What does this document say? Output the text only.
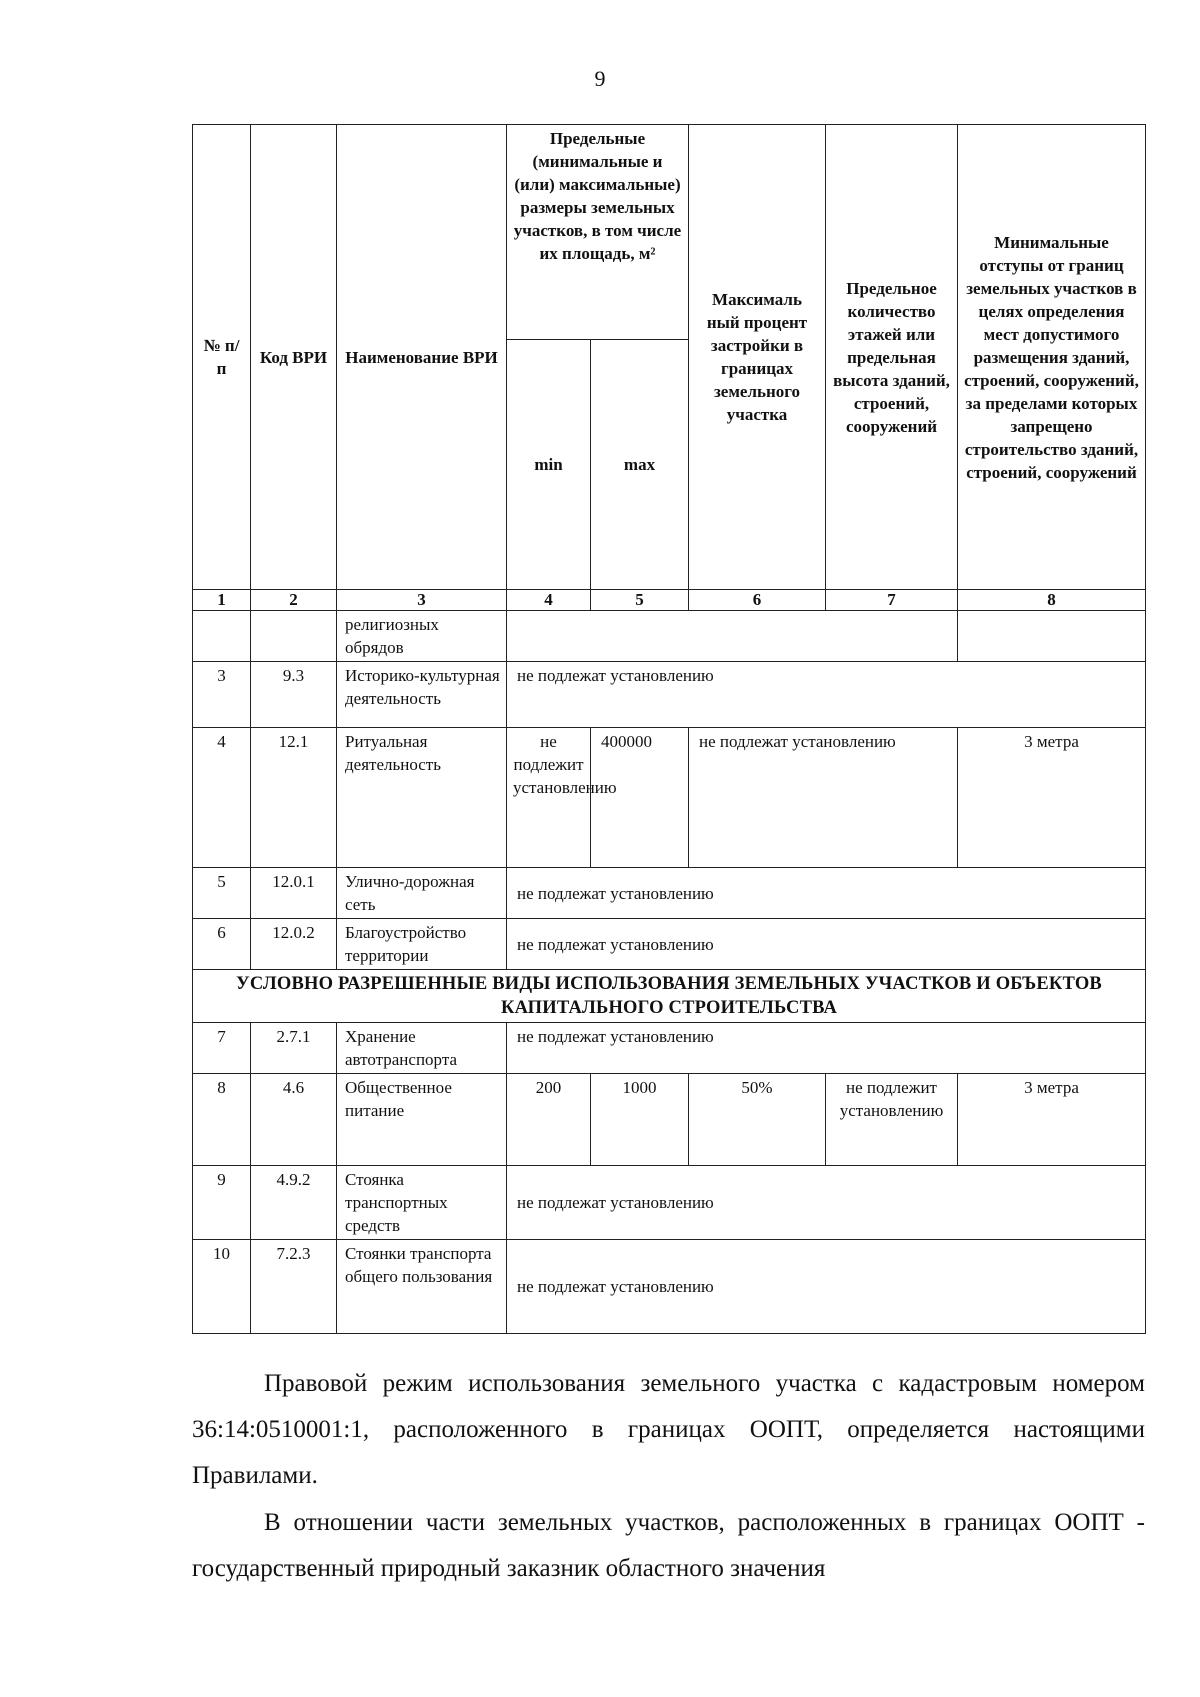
9
№ п/п	Код ВРИ	Наименование ВРИ	Предельные (минимальные и (или) максимальные) размеры земельных участков, в том числе их площадь, м²		Максималь ный процент застройки в границах земельного участка	Предельное количество этажей или предельная высота зданий, строений, сооружений	Минимальные отступы от границ земельных участков в целях определения мест допустимого размещения зданий, строений, сооружений, за пределами которых запрещено строительство зданий, строений, сооружений
			min	max			
1	2	3	4	5	6	7	8
		религиозных обрядов					
3	9.3	Историко-культурная деятельность	не подлежат установлению				
4	12.1	Ритуальная деятельность	не подлежит установлению	400000	не подлежат установлению		3 метра
5	12.0.1	Улично-дорожная сеть	не подлежат установлению				
6	12.0.2	Благоустройство территории	не подлежат установлению				
УСЛОВНО РАЗРЕШЕННЫЕ ВИДЫ ИСПОЛЬЗОВАНИЯ ЗЕМЕЛЬНЫХ УЧАСТКОВ И ОБЪЕКТОВ КАПИТАЛЬНОГО СТРОИТЕЛЬСТВА							
7	2.7.1	Хранение автотранспорта	не подлежат установлению				
8	4.6	Общественное питание	200	1000	50%	не подлежит установлению	3 метра
9	4.9.2	Стоянка транспортных средств	не подлежат установлению				
10	7.2.3	Стоянки транспорта общего пользования	не подлежат установлению				
Правовой режим использования земельного участка с кадастровым номером 36:14:0510001:1, расположенного в границах ООПТ, определяется настоящими Правилами.
В отношении части земельных участков, расположенных в границах ООПТ - государственный природный заказник областного значения
